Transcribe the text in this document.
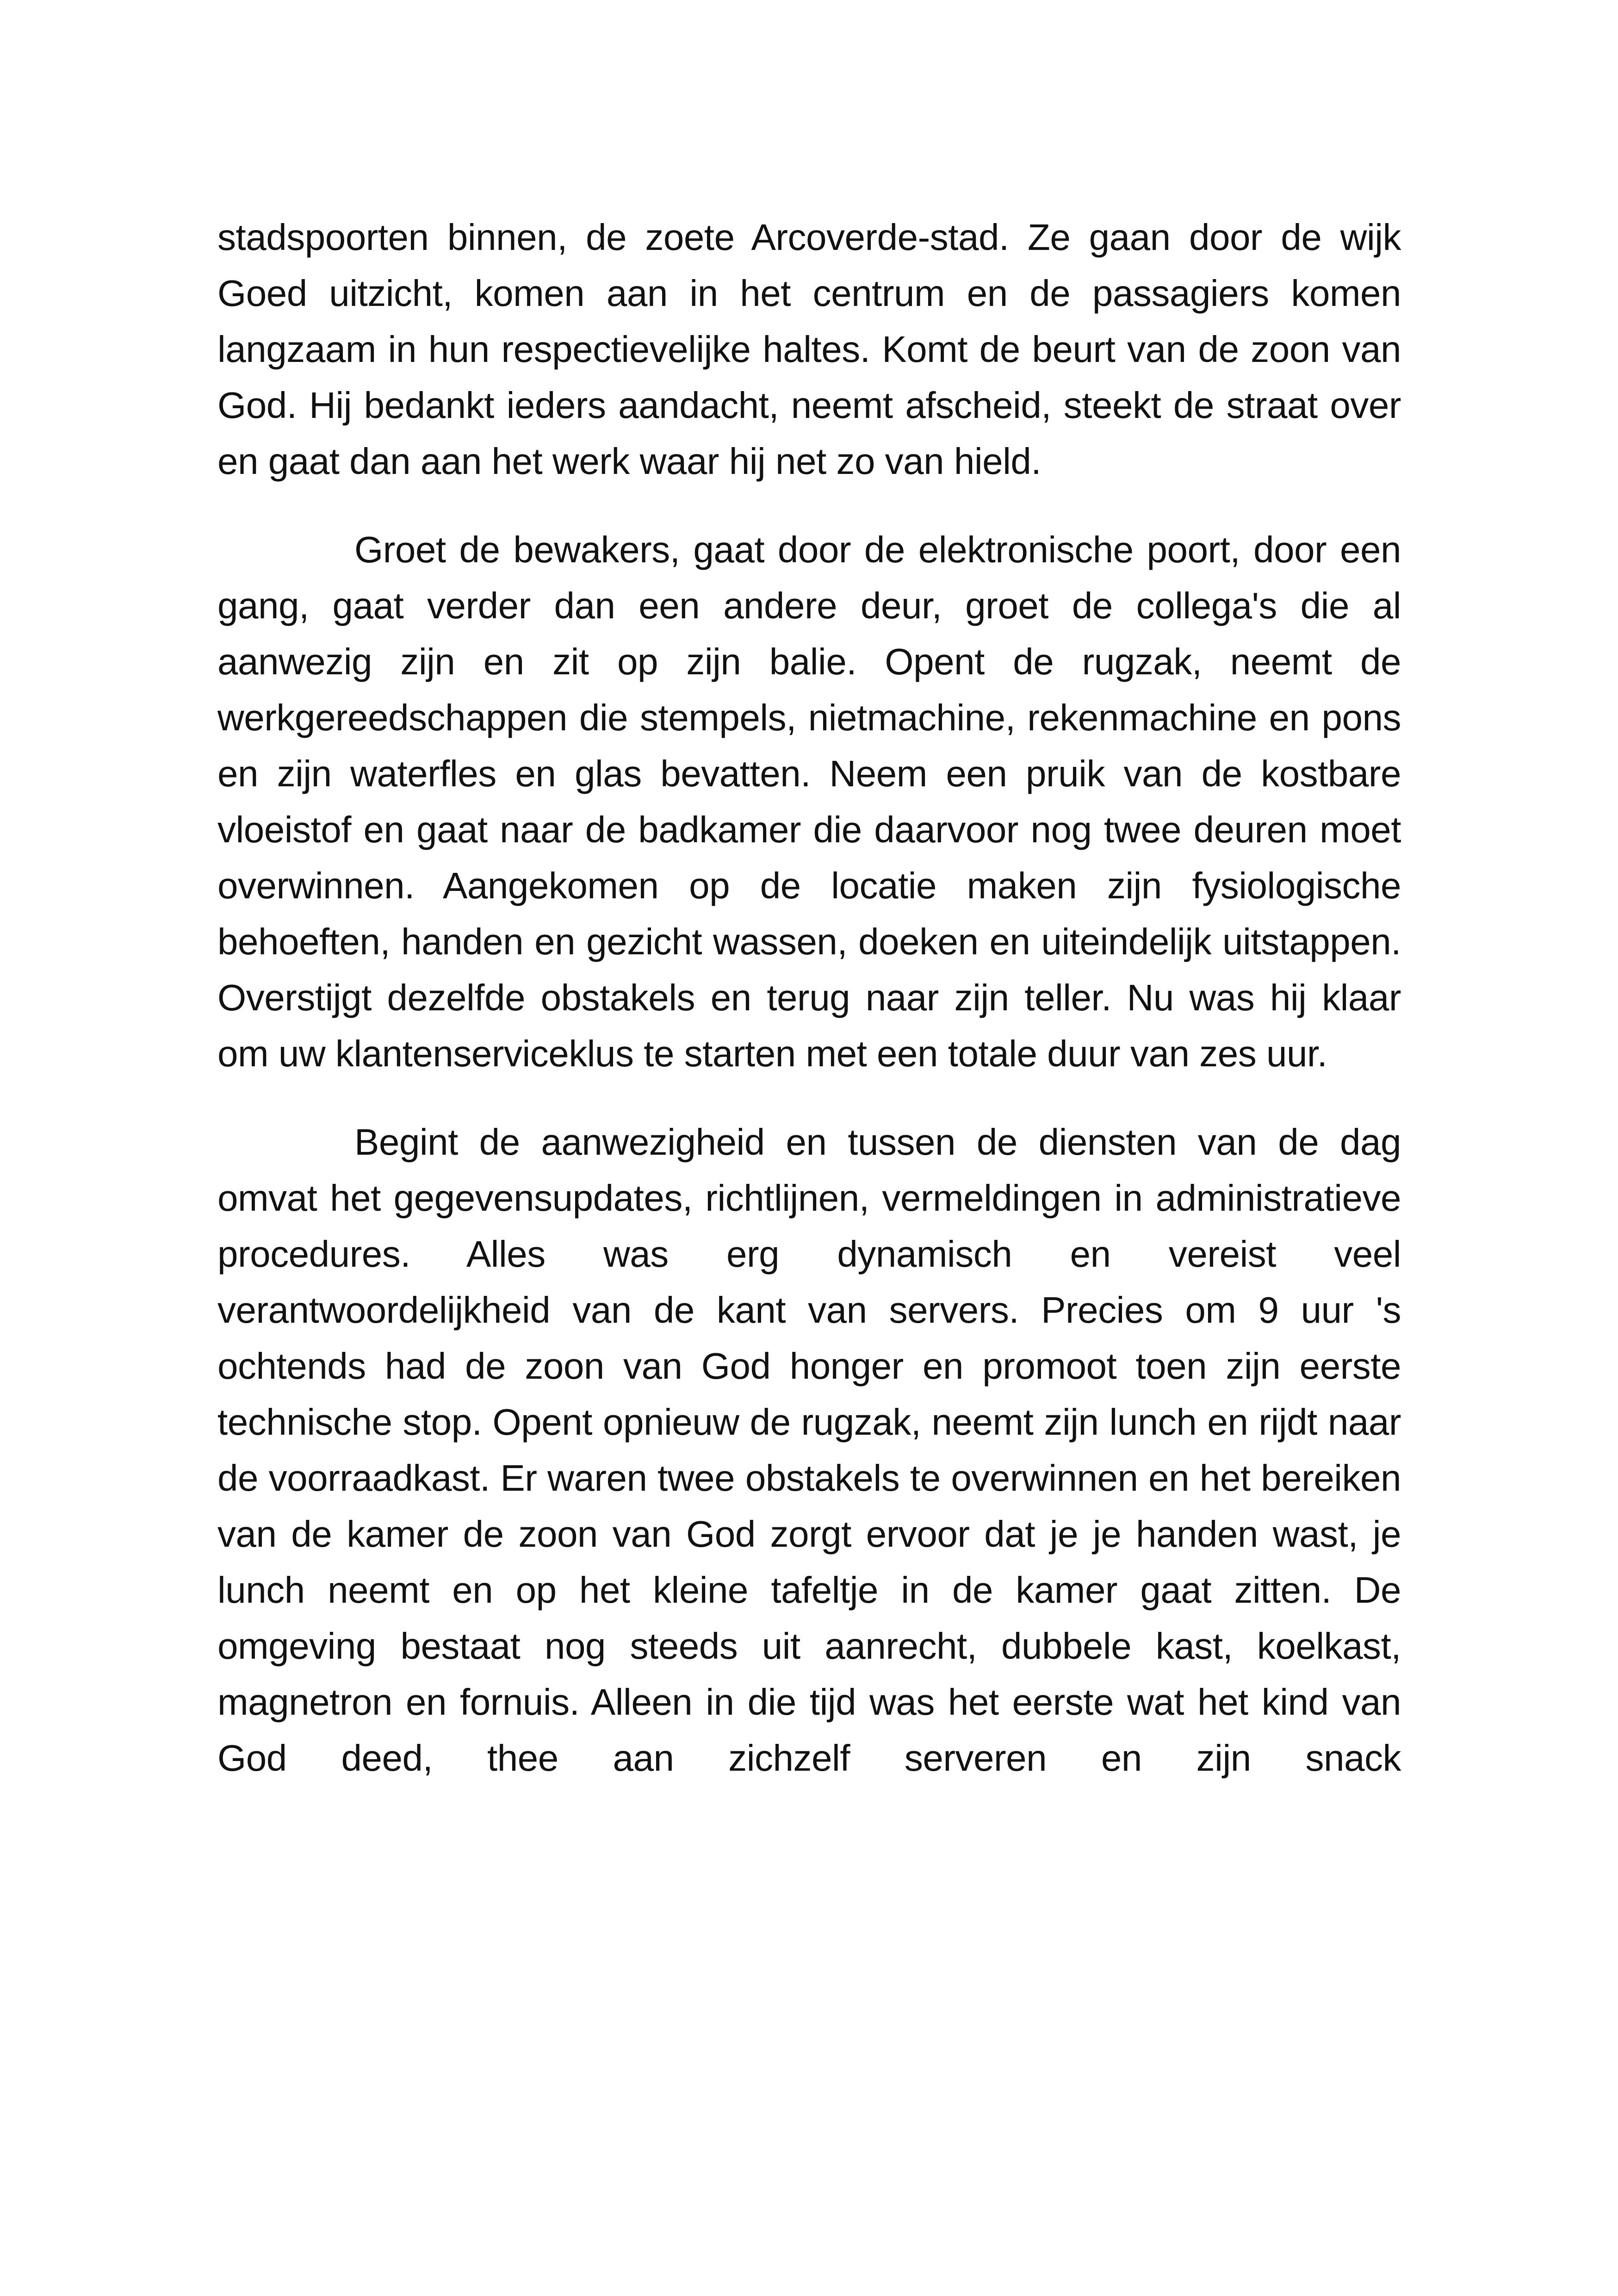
stadspoorten binnen, de zoete Arcoverde-stad. Ze gaan door de wijk Goed uitzicht, komen aan in het centrum en de passagiers komen langzaam in hun respectievelijke haltes. Komt de beurt van de zoon van God. Hij bedankt ieders aandacht, neemt afscheid, steekt de straat over en gaat dan aan het werk waar hij net zo van hield.

Groet de bewakers, gaat door de elektronische poort, door een gang, gaat verder dan een andere deur, groet de collega's die al aanwezig zijn en zit op zijn balie. Opent de rugzak, neemt de werkgereedschappen die stempels, nietmachine, rekenmachine en pons en zijn waterfles en glas bevatten. Neem een pruik van de kostbare vloeistof en gaat naar de badkamer die daarvoor nog twee deuren moet overwinnen. Aangekomen op de locatie maken zijn fysiologische behoeften, handen en gezicht wassen, doeken en uiteindelijk uitstappen. Overstijgt dezelfde obstakels en terug naar zijn teller. Nu was hij klaar om uw klantenserviceklus te starten met een totale duur van zes uur.

Begint de aanwezigheid en tussen de diensten van de dag omvat het gegevensupdates, richtlijnen, vermeldingen in administratieve procedures. Alles was erg dynamisch en vereist veel verantwoordelijkheid van de kant van servers. Precies om 9 uur 's ochtends had de zoon van God honger en promoot toen zijn eerste technische stop. Opent opnieuw de rugzak, neemt zijn lunch en rijdt naar de voorraadkast. Er waren twee obstakels te overwinnen en het bereiken van de kamer de zoon van God zorgt ervoor dat je je handen wast, je lunch neemt en op het kleine tafeltje in de kamer gaat zitten. De omgeving bestaat nog steeds uit aanrecht, dubbele kast, koelkast, magnetron en fornuis. Alleen in die tijd was het eerste wat het kind van God deed, thee aan zichzelf serveren en zijn snack
